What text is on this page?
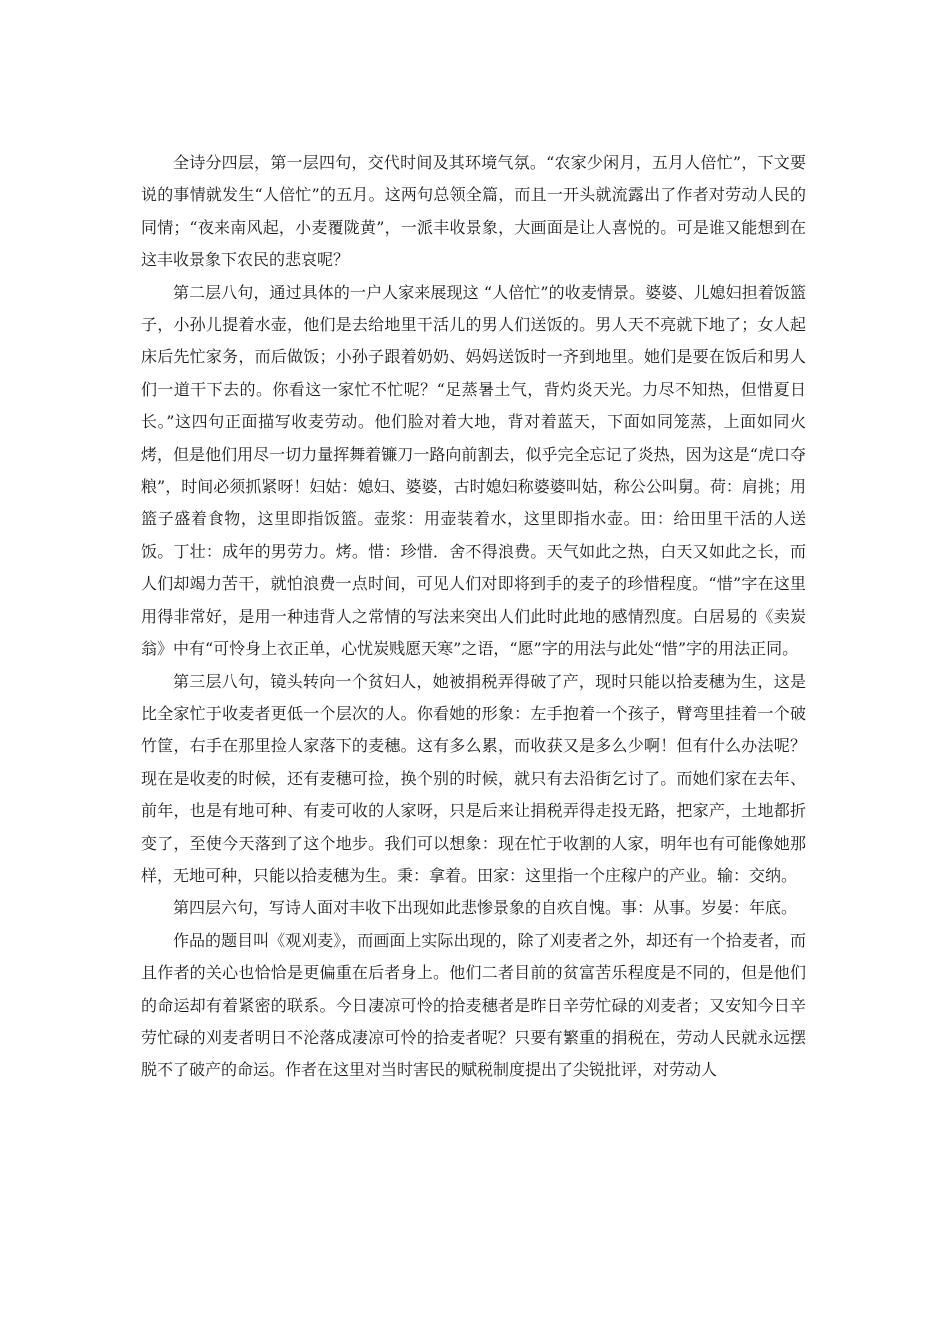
全诗分四层，第一层四句，交代时间及其环境气氛。“农家少闲月，五月人倍忙”，下文要说的事情就发生“人倍忙”的五月。这两句总领全篇，而且一开头就流露出了作者对劳动人民的同情；“夜来南风起，小麦覆陇黄”，一派丰收景象，大画面是让人喜悦的。可是谁又能想到在这丰收景象下农民的悲哀呢？

第二层八句，通过具体的一户人家来展现这 “人倍忙”的收麦情景。婆婆、儿媳妇担着饭篮子，小孙儿提着水壶，他们是去给地里干活儿的男人们送饭的。男人天不亮就下地了；女人起床后先忙家务，而后做饭；小孙子跟着奶奶、妈妈送饭时一齐到地里。她们是要在饭后和男人们一道干下去的。你看这一家忙不忙呢？“足蒸暑土气，背灼炎天光。力尽不知热，但惜夏日长。”这四句正面描写收麦劳动。他们脸对着大地，背对着蓝天，下面如同笼蒸，上面如同火烤，但是他们用尽一切力量挥舞着镰刀一路向前割去，似乎完全忘记了炎热，因为这是“虎口夺粮”，时间必须抓紧呀！妇姑：媳妇、婆婆，古时媳妇称婆婆叫姑，称公公叫舅。荷：肩挑；用篮子盛着食物，这里即指饭篮。壶浆：用壶装着水，这里即指水壶。田：给田里干活的人送饭。丁壮：成年的男劳力。烤。惜：珍惜．舍不得浪费。天气如此之热，白天又如此之长，而人们却竭力苦干，就怕浪费一点时间，可见人们对即将到手的麦子的珍惜程度。“惜”字在这里用得非常好，是用一种违背人之常情的写法来突出人们此时此地的感情烈度。白居易的《卖炭翁》中有“可怜身上衣正单，心忧炭贱愿天寒”之语，“愿”字的用法与此处“惜”字的用法正同。

第三层八句，镜头转向一个贫妇人，她被捐税弄得破了产，现时只能以拾麦穗为生，这是比全家忙于收麦者更低一个层次的人。你看她的形象：左手抱着一个孩子，臂弯里挂着一个破竹筐，右手在那里捡人家落下的麦穗。这有多么累，而收获又是多么少啊！但有什么办法呢？现在是收麦的时候，还有麦穗可捡，换个别的时候，就只有去沿街乞讨了。而她们家在去年、前年，也是有地可种、有麦可收的人家呀，只是后来让捐税弄得走投无路，把家产，土地都折变了，至使今天落到了这个地步。我们可以想象：现在忙于收割的人家，明年也有可能像她那样，无地可种，只能以拾麦穗为生。秉：拿着。田家：这里指一个庄稼户的产业。输：交纳。

第四层六句，写诗人面对丰收下出现如此悲惨景象的自疚自愧。事：从事。岁晏：年底。

作品的题目叫《观刈麦》，而画面上实际出现的，除了刈麦者之外，却还有一个拾麦者，而且作者的关心也恰恰是更偏重在后者身上。他们二者目前的贫富苦乐程度是不同的，但是他们的命运却有着紧密的联系。今日凄凉可怜的拾麦穗者是昨日辛劳忙碌的刈麦者；又安知今日辛劳忙碌的刈麦者明日不沦落成凄凉可怜的拾麦者呢？只要有繁重的捐税在，劳动人民就永远摆脱不了破产的命运。作者在这里对当时害民的赋税制度提出了尖锐批评，对劳动人
